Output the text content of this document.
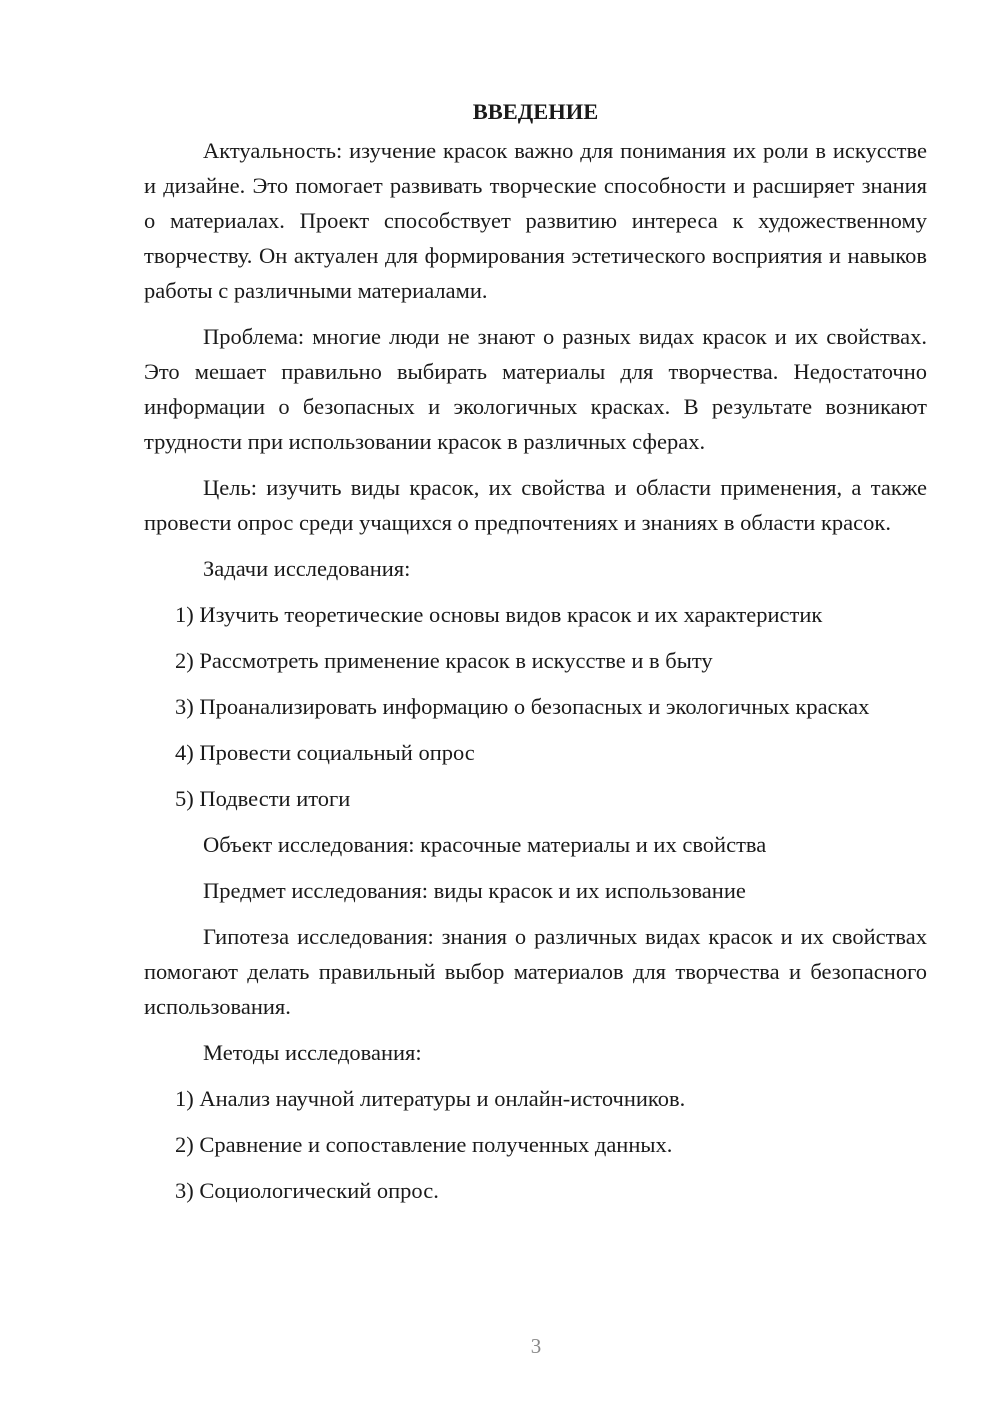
ВВЕДЕНИЕ

Актуальность: изучение красок важно для понимания их роли в искусстве и дизайне. Это помогает развивать творческие способности и расширяет знания о материалах. Проект способствует развитию интереса к художественному творчеству. Он актуален для формирования эстетического восприятия и навыков работы с различными материалами.

Проблема: многие люди не знают о разных видах красок и их свойствах. Это мешает правильно выбирать материалы для творчества. Недостаточно информации о безопасных и экологичных красках. В результате возникают трудности при использовании красок в различных сферах.

Цель: изучить виды красок, их свойства и области применения, а также провести опрос среди учащихся о предпочтениях и знаниях в области красок.

Задачи исследования:

1) Изучить теоретические основы видов красок и их характеристик

2) Рассмотреть применение красок в искусстве и в быту

3) Проанализировать информацию о безопасных и экологичных красках

4) Провести социальный опрос

5) Подвести итоги

Объект исследования: красочные материалы и их свойства

Предмет исследования: виды красок и их использование

Гипотеза исследования: знания о различных видах красок и их свойствах помогают делать правильный выбор материалов для творчества и безопасного использования.

Методы исследования:

1) Анализ научной литературы и онлайн-источников.

2) Сравнение и сопоставление полученных данных.

3) Социологический опрос.

3
